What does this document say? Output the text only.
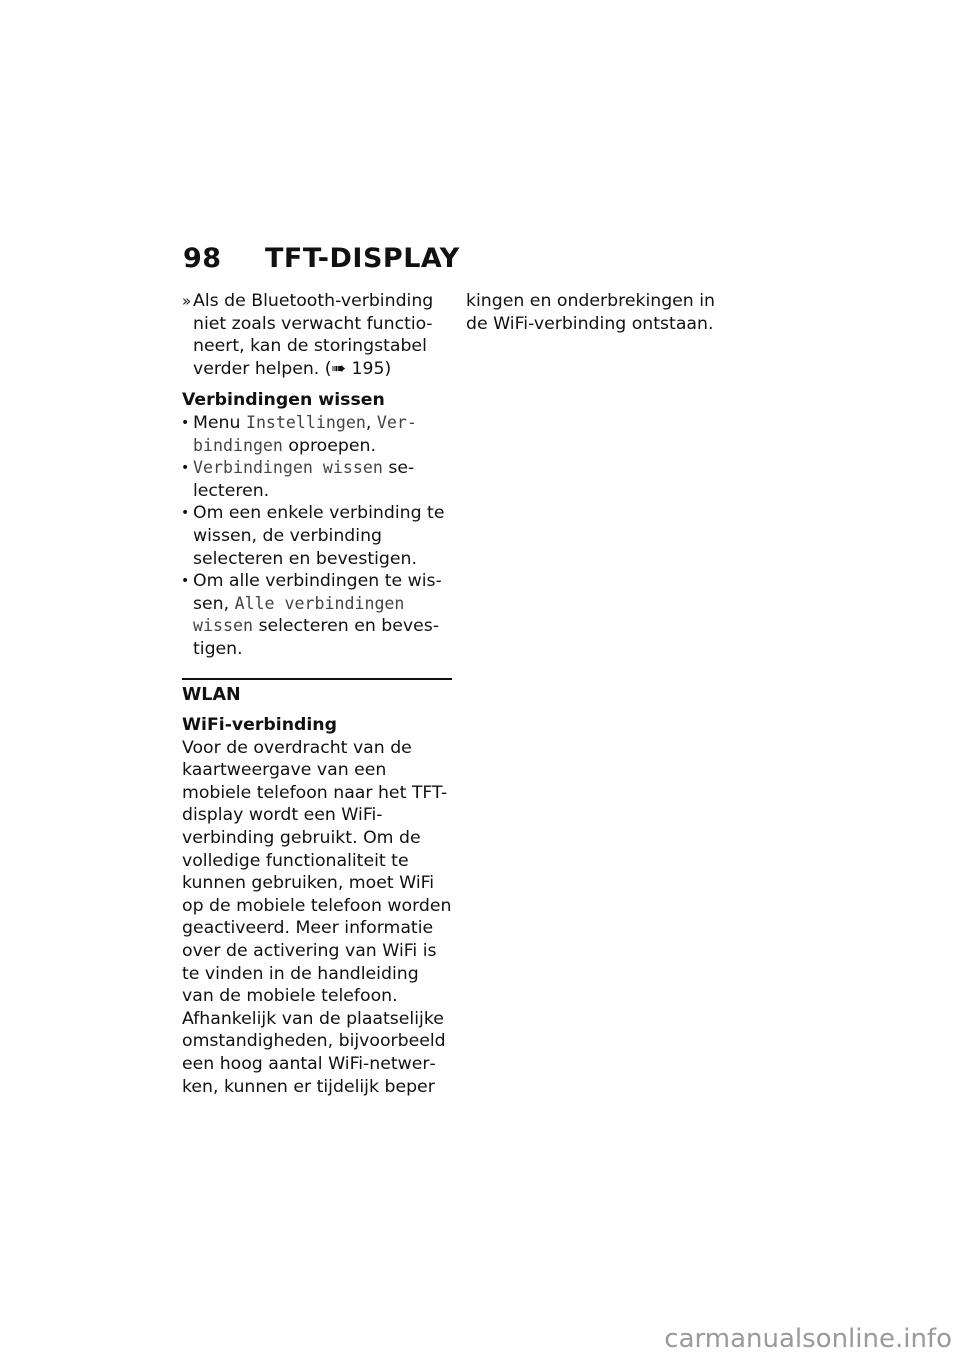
98 TFT-DISPLAY

» Als de Bluetooth-verbinding niet zoals verwacht functioneert, kan de storingstabel verder helpen. (➠ 195)

Verbindingen wissen

• Menu Instellingen, Verbindingen oproepen.

• Verbindingen wissen selecteren.

• Om een enkele verbinding te wissen, de verbinding selecteren en bevestigen.

• Om alle verbindingen te wissen, Alle verbindingen wissen selecteren en bevestigen.

WLAN

WiFi-verbinding

Voor de overdracht van de kaartweergave van een mobiele telefoon naar het TFT-display wordt een WiFi-verbinding gebruikt. Om de volledige functionaliteit te kunnen gebruiken, moet WiFi op de mobiele telefoon worden geactiveerd. Meer informatie over de activering van WiFi is te vinden in de handleiding van de mobiele telefoon.

Afhankelijk van de plaatselijke omstandigheden, bijvoorbeeld een hoog aantal WiFi-netwerken, kunnen er tijdelijk beper

kingen en onderbrekingen in de WiFi-verbinding ontstaan.

carmanualsonline.info
